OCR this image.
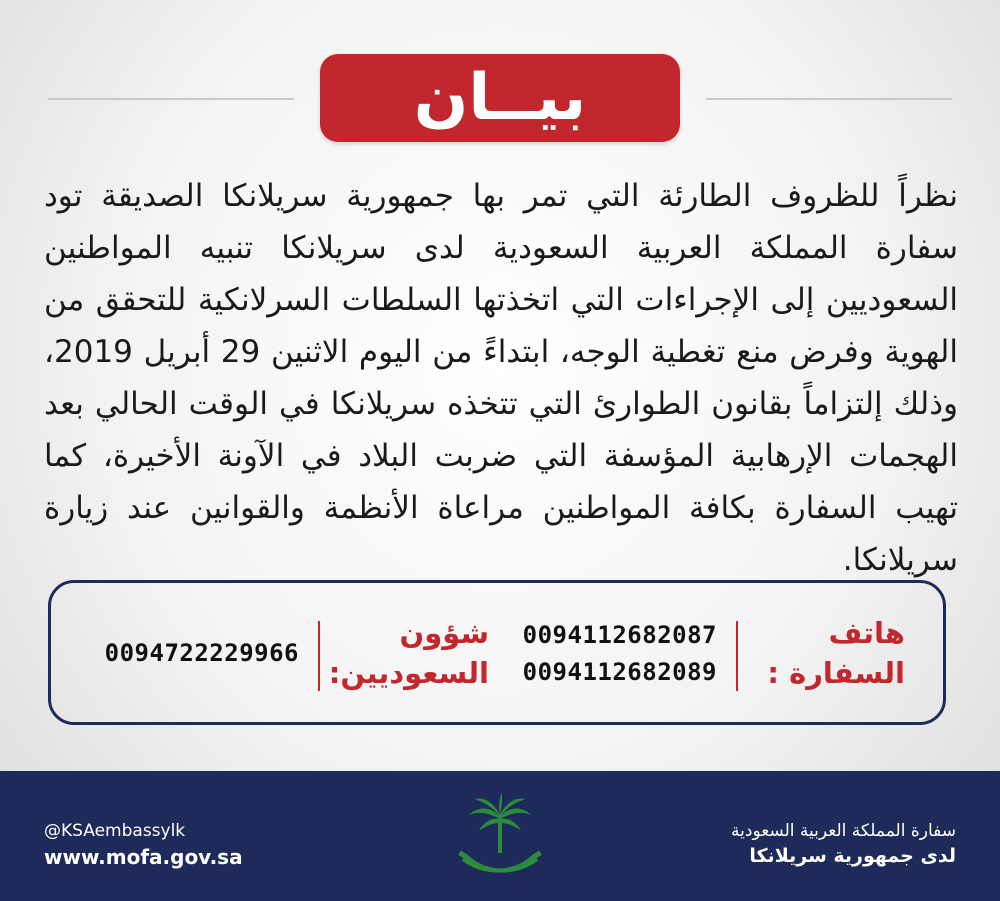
بيــان
نظراً للظروف الطارئة التي تمر بها جمهورية سريلانكا الصديقة تود سفارة المملكة العربية السعودية لدى سريلانكا تنبيه المواطنين السعوديين إلى الإجراءات التي اتخذتها السلطات السرلانكية للتحقق من الهوية وفرض منع تغطية الوجه، ابتداءً من اليوم الاثنين 29 أبريل 2019، وذلك إلتزاماً بقانون الطوارئ التي تتخذه سريلانكا في الوقت الحالي بعد الهجمات الإرهابية المؤسفة التي ضربت البلاد في الآونة الأخيرة، كما تهيب السفارة بكافة المواطنين مراعاة الأنظمة والقوانين عند زيارة سريلانكا.
هاتف
السفارة :
0094112682087
0094112682089
شؤون
السعوديين:
0094722229966
@KSAembassylk
www.mofa.gov.sa
سفارة المملكة العربية السعودية
لدى جمهورية سريلانكا
